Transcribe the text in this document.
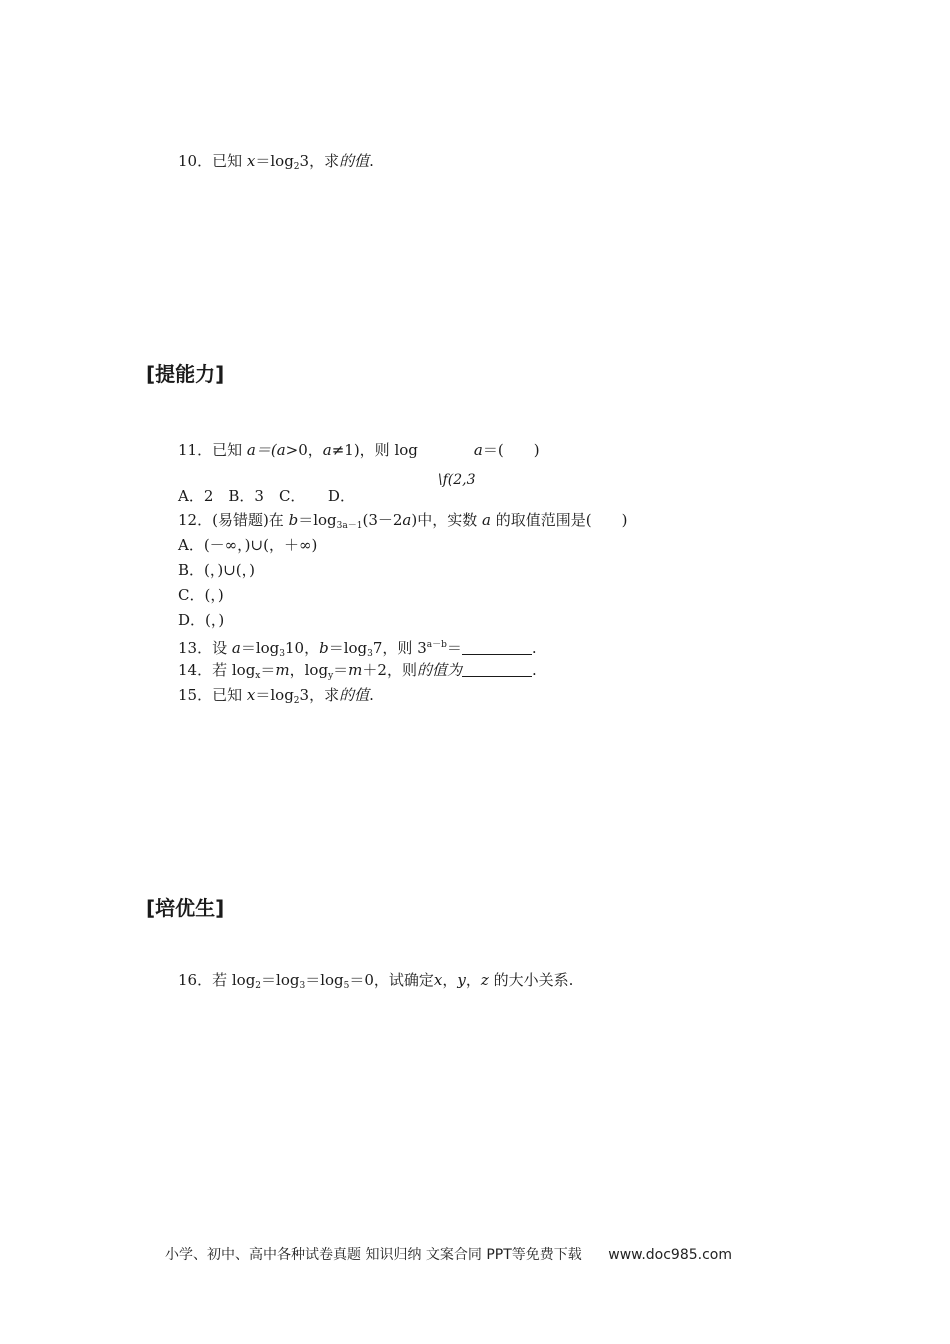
10．已知 $x=\log_23$，求的值.
[提能力]
11．已知 a＝(a>0，a≠1)，则 log
\f(2,3
a＝(　　)
A．2　B．3　C．　　D．
12．(易错题)在 $b=\log_{3a-1}(3-2a)$中，实数 a 的取值范围是(　　)
A．(－∞，)∪(，＋∞)
B．(，)∪(，)
C．(，)
D．(，)
13．设 $a=\log_310$，$b=\log_37$，则 $3^{a-b}=$	.
14．若 $\log_x=m$，$\log_y=m+2$，则的值为	.
15．已知 $x=\log_23$，求的值.
[培优生]
16．若 $\log_2=\log_3=\log_5=0$，试确定x，y，z 的大小关系.
小学、初中、高中各种试卷真题 知识归纳 文案合同 PPT等免费下载 www.doc985.com
